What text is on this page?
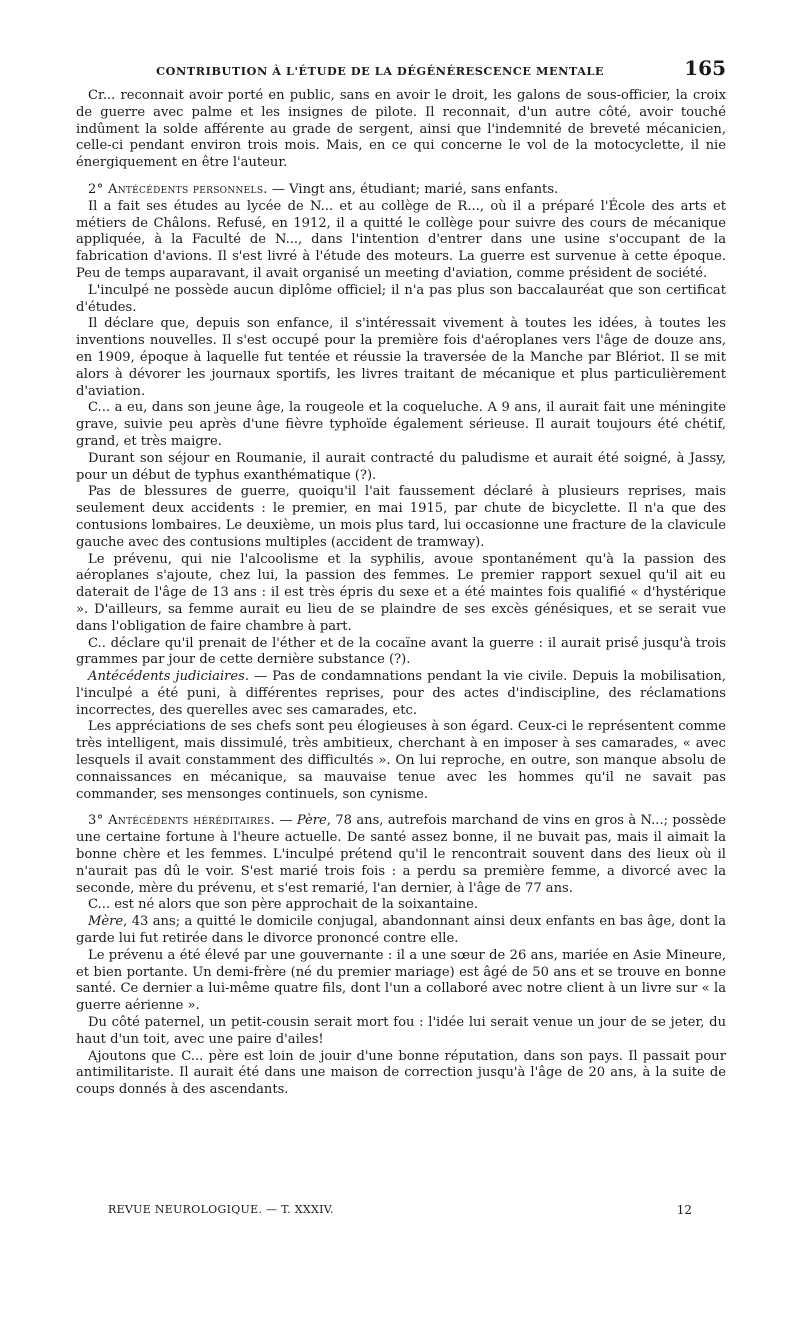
CONTRIBUTION À L'ÉTUDE DE LA DÉGÉNÉRESCENCE MENTALE	165

Cr... reconnait avoir porté en public, sans en avoir le droit, les galons de sous-officier, la croix de guerre avec palme et les insignes de pilote. Il reconnait, d'un autre côté, avoir touché indûment la solde afférente au grade de sergent, ainsi que l'indemnité de breveté mécanicien, celle-ci pendant environ trois mois. Mais, en ce qui concerne le vol de la motocyclette, il nie énergiquement en être l'auteur.

2° Antécédents personnels. — Vingt ans, étudiant; marié, sans enfants.

Il a fait ses études au lycée de N... et au collège de R..., où il a préparé l'École des arts et métiers de Châlons. Refusé, en 1912, il a quitté le collège pour suivre des cours de mécanique appliquée, à la Faculté de N..., dans l'intention d'entrer dans une usine s'occupant de la fabrication d'avions. Il s'est livré à l'étude des moteurs. La guerre est survenue à cette époque. Peu de temps auparavant, il avait organisé un meeting d'aviation, comme président de société.

L'inculpé ne possède aucun diplôme officiel; il n'a pas plus son baccalauréat que son certificat d'études.

Il déclare que, depuis son enfance, il s'intéressait vivement à toutes les idées, à toutes les inventions nouvelles. Il s'est occupé pour la première fois d'aéroplanes vers l'âge de douze ans, en 1909, époque à laquelle fut tentée et réussie la traversée de la Manche par Blériot. Il se mit alors à dévorer les journaux sportifs, les livres traitant de mécanique et plus particulièrement d'aviation.

C... a eu, dans son jeune âge, la rougeole et la coqueluche. A 9 ans, il aurait fait une méningite grave, suivie peu après d'une fièvre typhoïde également sérieuse. Il aurait toujours été chétif, grand, et très maigre.

Durant son séjour en Roumanie, il aurait contracté du paludisme et aurait été soigné, à Jassy, pour un début de typhus exanthématique (?).

Pas de blessures de guerre, quoiqu'il l'ait faussement déclaré à plusieurs reprises, mais seulement deux accidents : le premier, en mai 1915, par chute de bicyclette. Il n'a que des contusions lombaires. Le deuxième, un mois plus tard, lui occasionne une fracture de la clavicule gauche avec des contusions multiples (accident de tramway).

Le prévenu, qui nie l'alcoolisme et la syphilis, avoue spontanément qu'à la passion des aéroplanes s'ajoute, chez lui, la passion des femmes. Le premier rapport sexuel qu'il ait eu daterait de l'âge de 13 ans : il est très épris du sexe et a été maintes fois qualifié « d'hystérique ». D'ailleurs, sa femme aurait eu lieu de se plaindre de ses excès génésiques, et se serait vue dans l'obligation de faire chambre à part.

C.. déclare qu'il prenait de l'éther et de la cocaïne avant la guerre : il aurait prisé jusqu'à trois grammes par jour de cette dernière substance (?).

Antécédents judiciaires. — Pas de condamnations pendant la vie civile. Depuis la mobilisation, l'inculpé a été puni, à différentes reprises, pour des actes d'indiscipline, des réclamations incorrectes, des querelles avec ses camarades, etc.

Les appréciations de ses chefs sont peu élogieuses à son égard. Ceux-ci le représentent comme très intelligent, mais dissimulé, très ambitieux, cherchant à en imposer à ses camarades, « avec lesquels il avait constamment des difficultés ». On lui reproche, en outre, son manque absolu de connaissances en mécanique, sa mauvaise tenue avec les hommes qu'il ne savait pas commander, ses mensonges continuels, son cynisme.

3° Antécédents héréditaires. — Père, 78 ans, autrefois marchand de vins en gros à N...; possède une certaine fortune à l'heure actuelle. De santé assez bonne, il ne buvait pas, mais il aimait la bonne chère et les femmes. L'inculpé prétend qu'il le rencontrait souvent dans des lieux où il n'aurait pas dû le voir. S'est marié trois fois : a perdu sa première femme, a divorcé avec la seconde, mère du prévenu, et s'est remarié, l'an dernier, à l'âge de 77 ans.

C... est né alors que son père approchait de la soixantaine.

Mère, 43 ans; a quitté le domicile conjugal, abandonnant ainsi deux enfants en bas âge, dont la garde lui fut retirée dans le divorce prononcé contre elle.

Le prévenu a été élevé par une gouvernante : il a une sœur de 26 ans, mariée en Asie Mineure, et bien portante. Un demi-frère (né du premier mariage) est âgé de 50 ans et se trouve en bonne santé. Ce dernier a lui-même quatre fils, dont l'un a collaboré avec notre client à un livre sur « la guerre aérienne ».

Du côté paternel, un petit-cousin serait mort fou : l'idée lui serait venue un jour de se jeter, du haut d'un toit, avec une paire d'ailes!

Ajoutons que C... père est loin de jouir d'une bonne réputation, dans son pays. Il passait pour antimilitariste. Il aurait été dans une maison de correction jusqu'à l'âge de 20 ans, à la suite de coups donnés à des ascendants.

REVUE NEUROLOGIQUE. — T. XXXIV.	12
